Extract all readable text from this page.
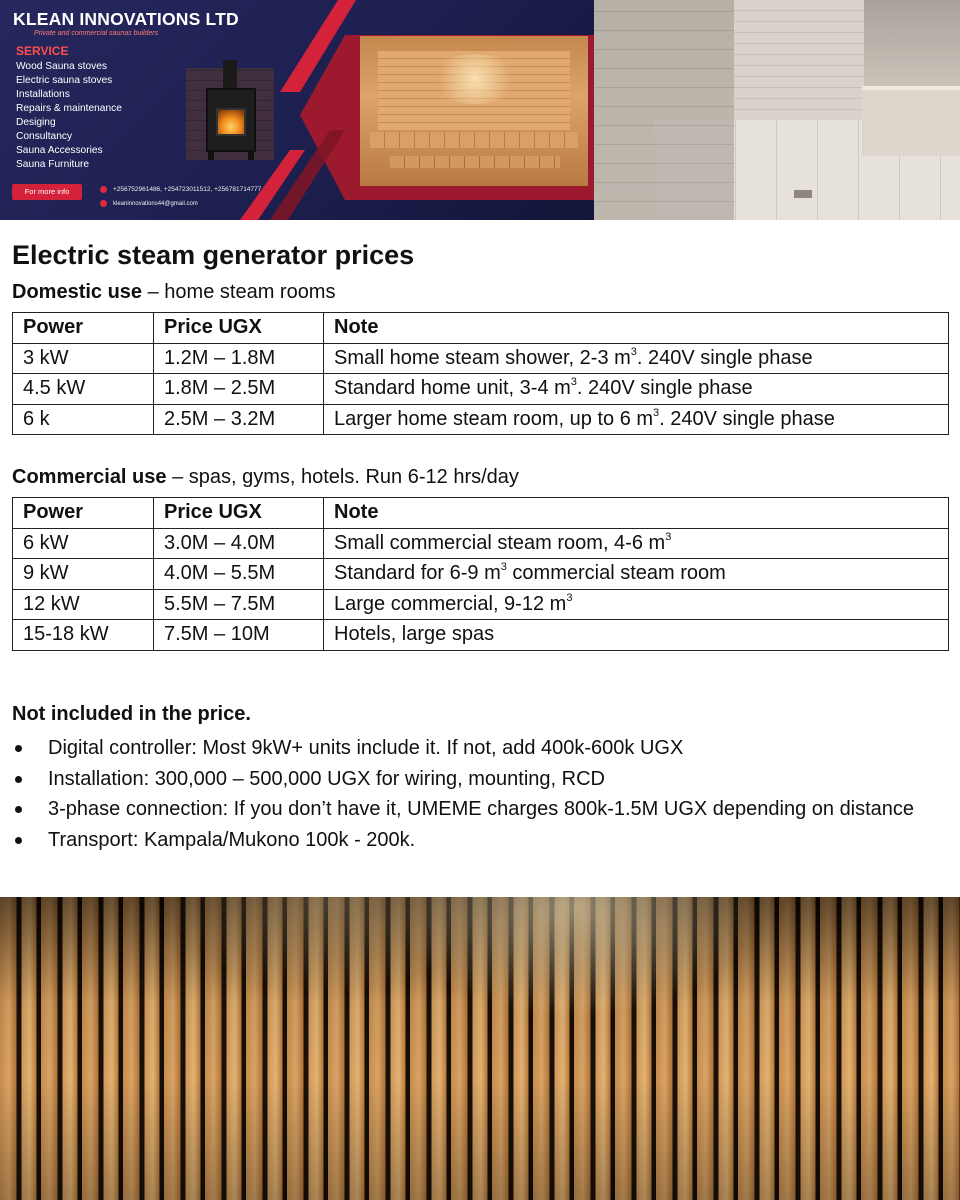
KLEAN INNOVATIONS LTD
Private and commercial saunas builders
SERVICE
Wood Sauna stoves
Electric sauna stoves
Installations
Repairs & maintenance
Desiging
Consultancy
Sauna Accessories
Sauna Furniture
For more info	+256752961486, +254723011512, +256781714777
kleaninnovations44@gmail.com
Electric steam generator prices
Domestic use – home steam rooms
Power	Price UGX	Note
3 kW	1.2M – 1.8M	Small home steam shower, 2-3 $m^3$. 240V single phase
4.5 kW	1.8M – 2.5M	Standard home unit, 3-4 $m^3$. 240V single phase
6 k	2.5M – 3.2M	Larger home steam room, up to 6 $m^3$. 240V single phase
Commercial use – spas, gyms, hotels. Run 6-12 hrs/day
Power	Price UGX	Note
6 kW	3.0M – 4.0M	Small commercial steam room, 4-6 $m^3$
9 kW	4.0M – 5.5M	Standard for 6-9 $m^3$ commercial steam room
12 kW	5.5M – 7.5M	Large commercial, 9-12 $m^3$
15-18 kW	7.5M – 10M	Hotels, large spas
Not included in the price.
Digital controller: Most 9kW+ units include it. If not, add 400k-600k UGX
Installation: 300,000 – 500,000 UGX for wiring, mounting, RCD
3-phase connection: If you don’t have it, UMEME charges 800k-1.5M UGX depending on distance
Transport: Kampala/Mukono 100k - 200k.
